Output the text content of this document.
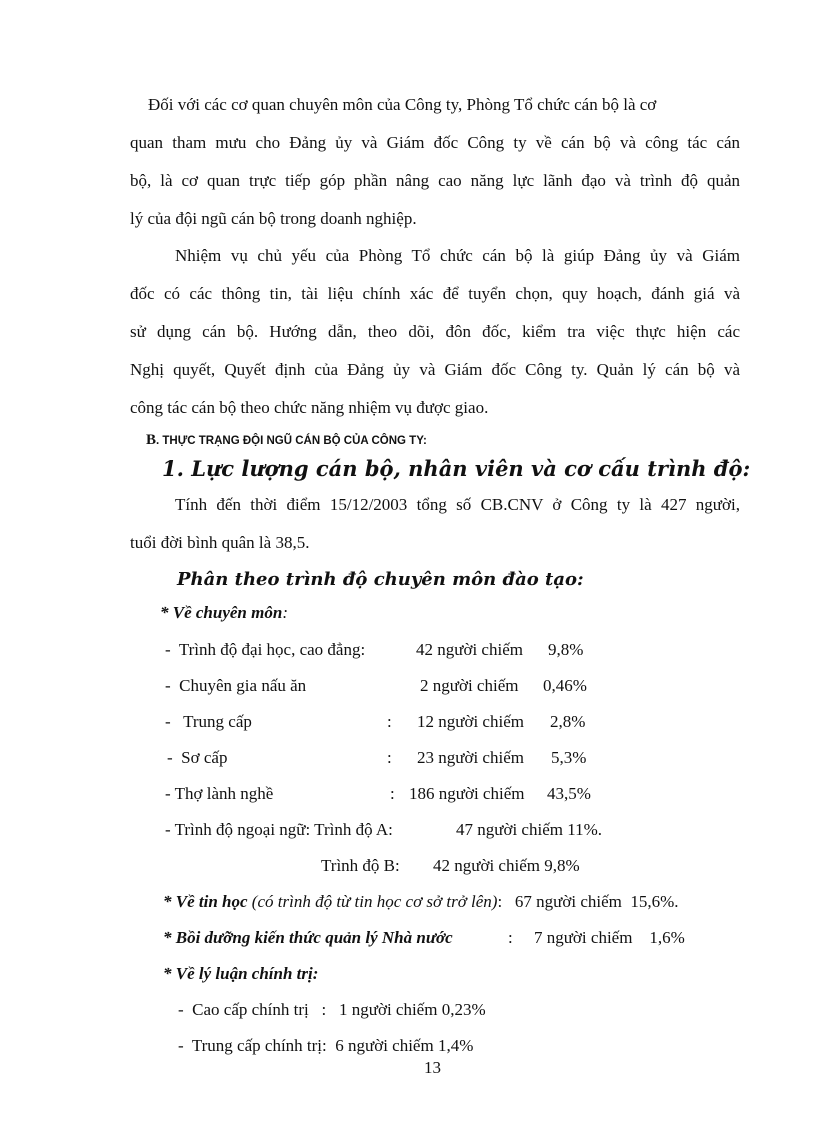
Đối với các cơ quan chuyên môn của Công ty, Phòng Tổ chức cán bộ là cơ
quan tham mưu cho Đảng ủy và Giám đốc Công ty về cán bộ và công tác cán
bộ, là cơ quan trực tiếp góp phần nâng cao năng lực lãnh đạo và trình độ quản
lý của đội ngũ cán bộ trong doanh nghiệp.
Nhiệm vụ chủ yếu của Phòng Tổ chức cán bộ là giúp Đảng ủy và Giám
đốc có các thông tin, tài liệu chính xác để tuyển chọn, quy hoạch, đánh giá và
sử dụng cán bộ. Hướng dẫn, theo dõi, đôn đốc, kiểm tra việc thực hiện các
Nghị quyết, Quyết định của Đảng ủy và Giám đốc Công ty. Quản lý cán bộ và
công tác cán bộ theo chức năng nhiệm vụ được giao.
B. THỰC TRẠNG ĐỘI NGŨ CÁN BỘ CỦA CÔNG TY:
1. Lực lượng cán bộ, nhân viên và cơ cấu trình độ:
Tính đến thời điểm 15/12/2003 tổng số CB.CNV ở Công ty là 427 người,
tuổi đời bình quân là 38,5.
Phân theo trình độ chuyên môn đào tạo:
* Về chuyên môn:
-  Trình độ đại học, cao đẳng:	42 người chiếm 9,8%
-  Chuyên gia nấu ăn	2 người chiếm 0,46%
-   Trung cấp	: 12 người chiếm 2,8%
-  Sơ cấp	: 23 người chiếm 5,3%
- Thợ lành nghề	: 186 người chiếm 43,5%
- Trình độ ngoại ngữ: Trình độ A:	47 người chiếm 11%.
Trình độ B: 42 người chiếm 9,8%
* Về tin học (có trình độ từ tin học cơ sở trở lên):   67 người chiếm  15,6%.
* Bồi dưỡng kiến thức quản lý Nhà nước	:     7 người chiếm    1,6%
* Về lý luận chính trị:
-  Cao cấp chính trị   :   1 người chiếm 0,23%
-  Trung cấp chính trị:  6 người chiếm 1,4%
13
